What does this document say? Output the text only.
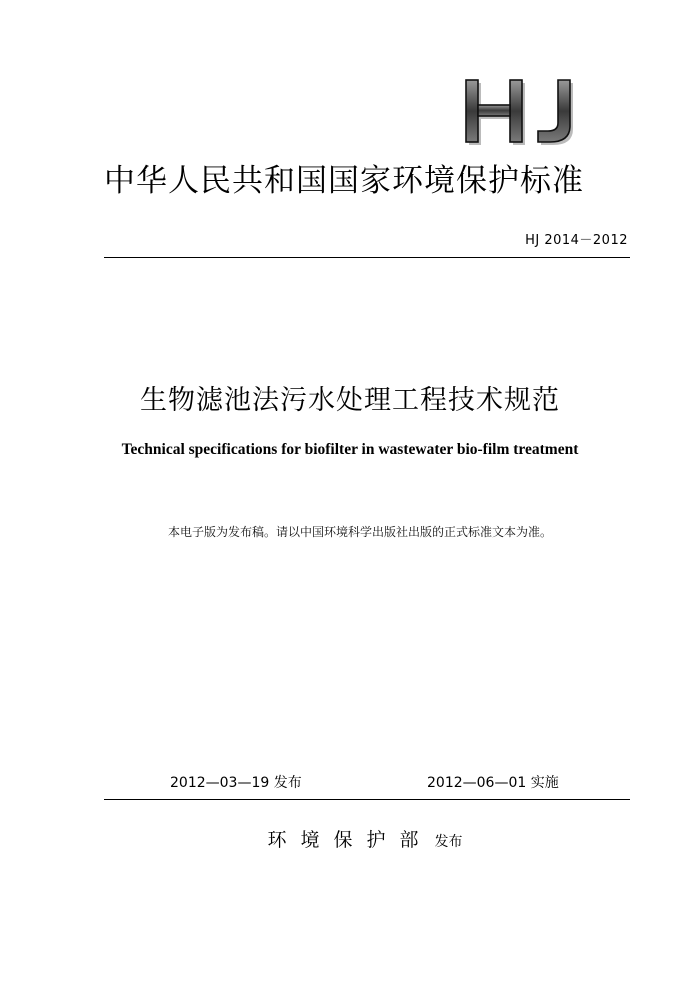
HJ
中华人民共和国国家环境保护标准
HJ 2014－2012
生物滤池法污水处理工程技术规范
Technical specifications for biofilter in wastewater bio-film treatment
本电子版为发布稿。请以中国环境科学出版社出版的正式标准文本为准。
2012—03—19 发布	2012—06—01 实施
环境保护部 发布
